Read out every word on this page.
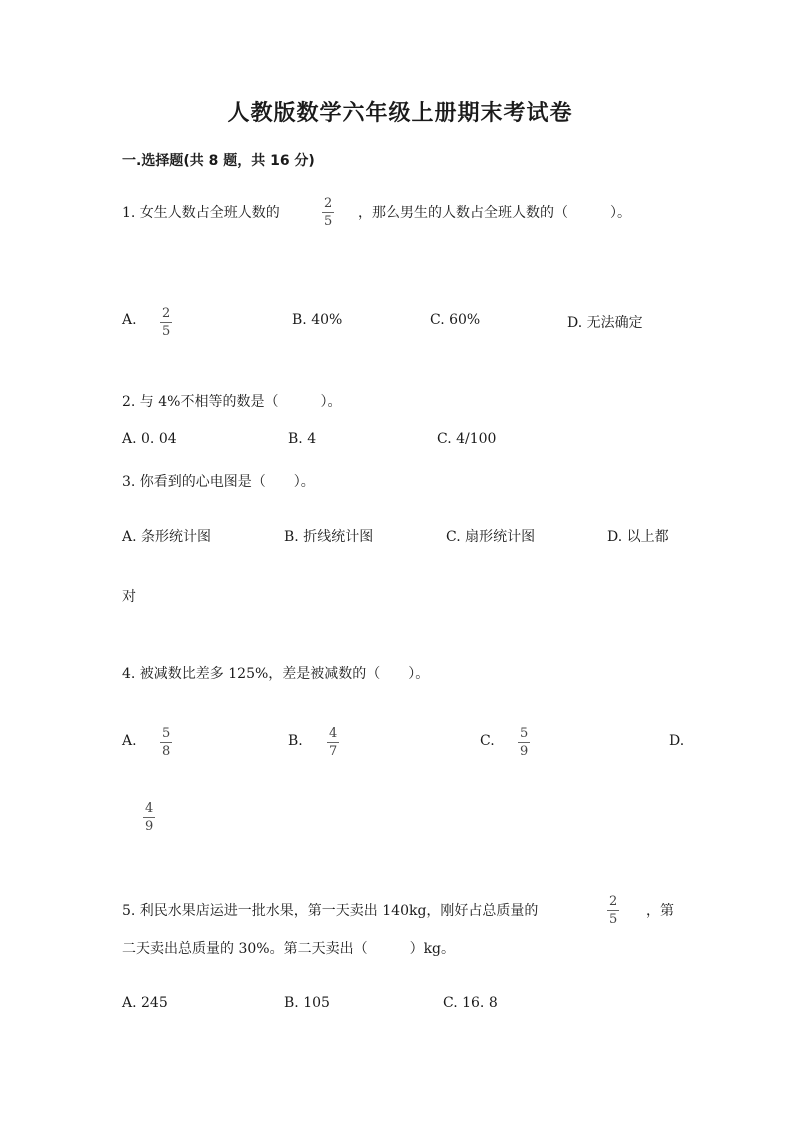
人教版数学六年级上册期末考试卷
一.选择题(共 8 题，共 16 分)
1. 女生人数占全班人数的
2
5
，那么男生的人数占全班人数的（　　　）。
A. 2
5
B. 40%	C. 60%	D. 无法确定
2. 与 4%不相等的数是（　　　）。
A. 0. 04	B. 4	C. 4/100
3. 你看到的心电图是（　　）。
A. 条形统计图	B. 折线统计图	C. 扇形统计图	D. 以上都
对
4. 被减数比差多 125%，差是被减数的（　　）。
A. 5
8
B. 4
7
C. 5
9
D.
4
9
5. 利民水果店运进一批水果，第一天卖出 140kg，刚好占总质量的
2
5
，第
二天卖出总质量的 30%。第二天卖出（　　　）kg。
A. 245	B. 105	C. 16. 8
